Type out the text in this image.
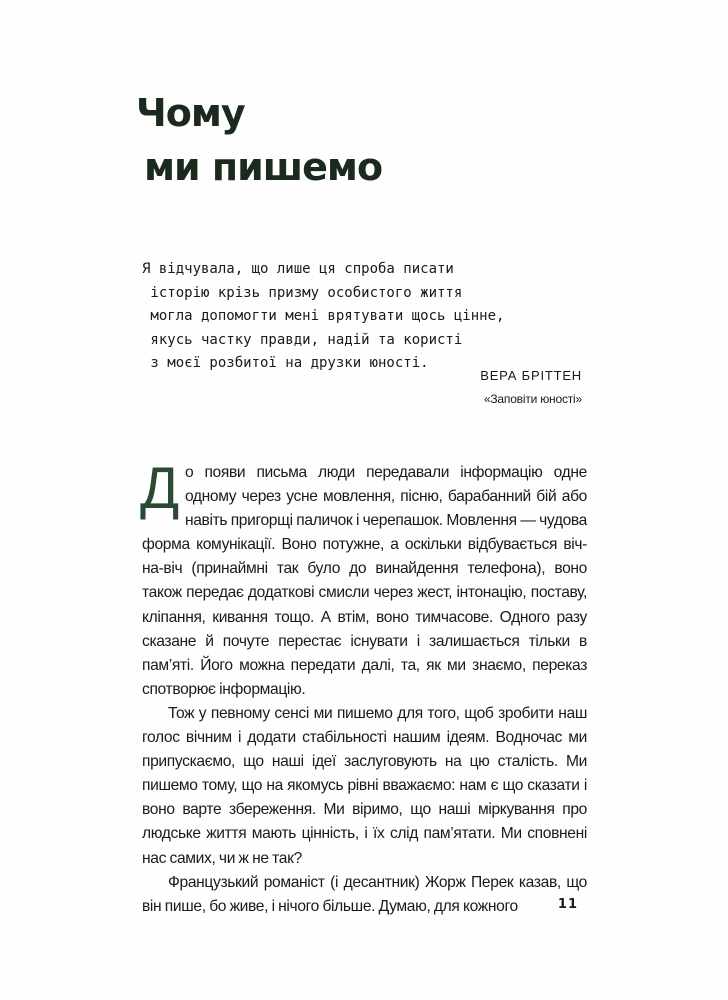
Чому
ми пишемо
Я відчувала, що лише ця спроба писати
історію крізь призму особистого життя
могла допомогти мені врятувати щось цінне,
якусь частку правди, надій та користі
з моєї розбитої на друзки юності.
ВЕРА БРІТТЕН
«Заповіти юності»

До появи письма люди передавали інформацію одне одному через усне мовлення, пісню, барабанний бій або навіть пригорщі паличок і черепашок. Мовлення — чудова форма комунікації. Воно потужне, а оскільки відбувається віч-на-віч (принаймні так було до винайдення телефона), воно також передає додаткові смисли через жест, інтонацію, поставу, кліпання, кивання тощо. А втім, воно тимчасове. Одного разу сказане й почуте перестає існувати і залишається тільки в пам’яті. Його можна передати далі, та, як ми знаємо, переказ спотворює інформацію.

Тож у певному сенсі ми пишемо для того, щоб зробити наш голос вічним і додати стабільності нашим ідеям. Водночас ми припускаємо, що наші ідеї заслуговують на цю сталість. Ми пишемо тому, що на якомусь рівні вважаємо: нам є що сказати і воно варте збереження. Ми віримо, що наші міркування про людське життя мають цінність, і їх слід пам’ятати. Ми сповнені нас самих, чи ж не так?

Французький романіст (і десантник) Жорж Перек казав, що він пише, бо живе, і нічого більше. Думаю, для кожного	11
